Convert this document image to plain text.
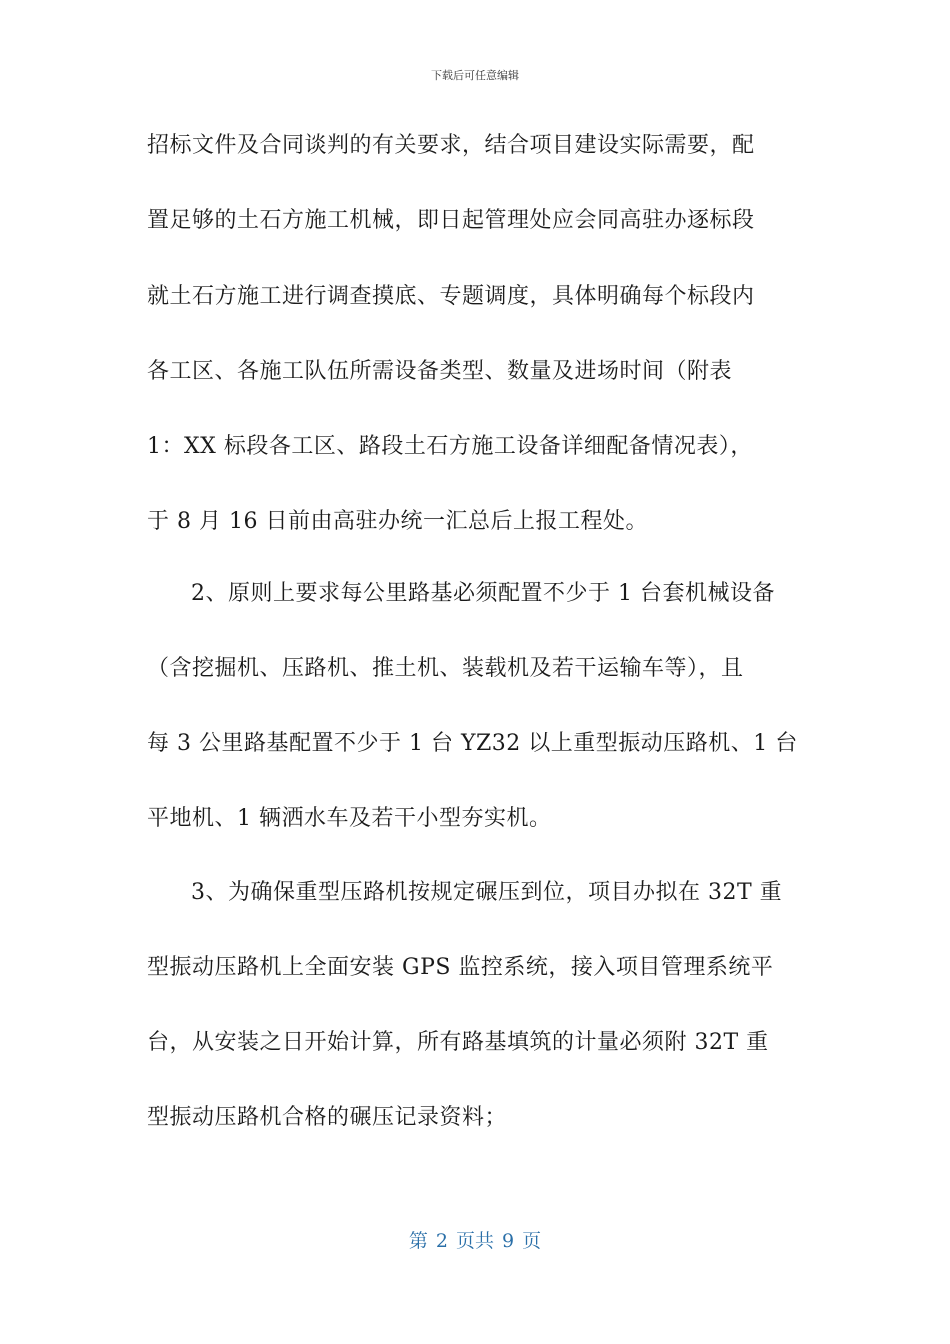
下载后可任意编辑
招标文件及合同谈判的有关要求，结合项目建设实际需要，配
置足够的土石方施工机械，即日起管理处应会同高驻办逐标段
就土石方施工进行调查摸底、专题调度，具体明确每个标段内
各工区、各施工队伍所需设备类型、数量及进场时间（附表
1：XX 标段各工区、路段土石方施工设备详细配备情况表），
于 8 月 16 日前由高驻办统一汇总后上报工程处。
2、原则上要求每公里路基必须配置不少于 1 台套机械设备
（含挖掘机、压路机、推土机、装载机及若干运输车等），且
每 3 公里路基配置不少于 1 台 YZ32 以上重型振动压路机、1 台
平地机、1 辆洒水车及若干小型夯实机。
3、为确保重型压路机按规定碾压到位，项目办拟在 32T 重
型振动压路机上全面安装 GPS 监控系统，接入项目管理系统平
台，从安装之日开始计算，所有路基填筑的计量必须附 32T 重
型振动压路机合格的碾压记录资料；
第 2 页共 9 页
